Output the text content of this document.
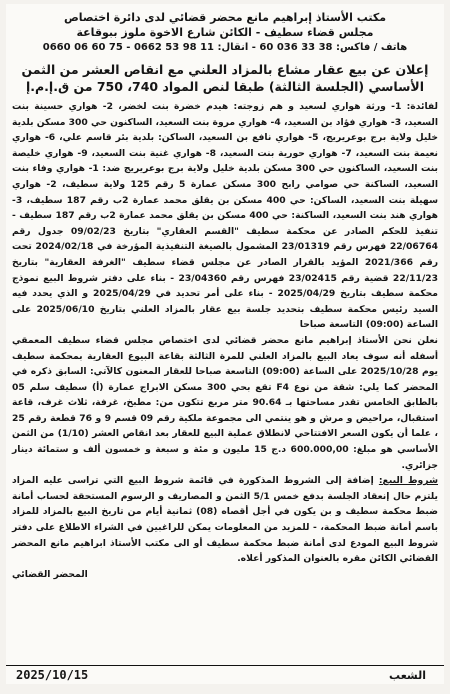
مكتب الأستاذ إبراهيم مانع محضر قضائي لدى دائرة اختصاص
مجلس قضاء سطيف - الكائن شارع الاخوة ملوز ببوقاعة
هاتف / فاكس: 38 33 036 60 - انقال: 11 98 53 0662 - 75 60 06 0660
إعلان عن بيع عقار مشاع بالمزاد العلني مع انقاص العشر من الثمن الأساسي (الجلسة الثالثة) طبقا لنص المواد 740، 750 من ق.إ.م.إ

لفائدة: 1- ورثة هواري لسعيد و هم زوجته: هيدم خضرة بنت لخضر، 2- هواري حسينة بنت السعيد، 3- هواري فؤاد بن السعيد، 4- هواري مروة بنت السعيد، الساكنون حي 300 مسكن بلدية خليل ولاية برج بوعريريج، 5- هواري نافع بن السعيد، الساكن: بلدية بئر قاسم علي، 6- هواري نعيمة بنت السعيد، 7- هواري حورية بنت السعيد، 8- هواري غنية بنت السعيد، 9- هواري خليصة بنت السعيد، الساكنون حي 300 مسكن بلدية خليل ولاية برج بوعريريج ضد: 1- هواري وفاء بنت السعيد، الساكنة حي صوامي رابح 300 مسكن عمارة 5 رقم 125 ولاية سطيف، 2- هواري سهيلة بنت السعيد، الساكن: حي 400 مسكن بن يقلق محمد عمارة 2ب رقم 187 سطيف، 3- هواري هند بنت السعيد، الساكنة: حي 400 مسكن بن يقلق محمد عمارة 2ب رقم 187 سطيف - تنفيذ للحكم الصادر عن محكمة سطيف "القسم العقاري" بتاريخ 09/02/23 جدول رقم 22/06764 فهرس رقم 23/01319 المشمول بالصيغة التنفيذية المؤرخة في 2024/02/18 تحت رقم 2021/366 المؤيد بالقرار الصادر عن مجلس قضاء سطيف "الغرفة العقارية" بتاريخ 22/11/23 قضية رقم 23/02415 فهرس رقم 23/04360 - بناء على دفتر شروط البيع نموذج محكمة سطيف بتاريخ 2025/04/29 - بناء على أمر تحديد في 2025/04/29 و الذي يحدد فيه السيد رئيس محكمة سطيف بتحديد جلسة بيع عقار بالمزاد العلني بتاريخ 2025/06/10 على الساعة (09:00) التاسعة صباحا

نعلن نحن الأستاذ إبراهيم مانع محضر قضائي لدى اختصاص مجلس قضاء سطيف المعمقي أسفله أنه سوف يعاد البيع بالمزاد العلني للمرة الثالثة بقاعة البيوع العقارية بمحكمة سطيف يوم 2025/10/28 على الساعة (09:00) التاسعة صباحا للعقار المعنون كالآتي: السابق ذكره في المحضر كما يلي: شقة من نوع F4 تقع بحي 300 مسكن الابراج عمارة (أ) سطيف سلم 05 بالطابق الخامس تقدر مساحتها بـ 90.64 متر مربع تتكون من: مطبخ، غرفة، ثلاث غرف، قاعة استقبال، مراحيض و مرش و هو ينتمي الى مجموعة ملكية رقم 09 قسم 9 و 76 قطعة رقم 25 ، علما أن يكون السعر الافتتاحي لانطلاق عملية البيع للعقار بعد انقاص العشر (1/10) من الثمن الأساسي هو مبلغ: 600.000,00 د.ج 15 مليون و مئة و سبعة و خمسون ألف و ستمائة دينار جزائري.

شروط البيع: إضافة إلى الشروط المذكورة في قائمة شروط البيع التي تراسى عليه المزاد يلتزم حال إنعقاد الجلسة بدفع خمس 5/1 الثمن و المصاريف و الرسوم المستحقة لحساب أمانة ضبط محكمة سطيف و بن يكون في أجل أقصاه (08) ثمانية أيام من تاريخ البيع بالمزاد للمزاد باسم أمانة ضبط المحكمة، - للمزيد من المعلومات يمكن للراغبين في الشراء الاطلاع على دفتر شروط البيع المودع لدى أمانة ضبط محكمة سطيف أو الى مكتب الأستاذ ابراهيم مانع المحضر القضائي الكائن مقره بالعنوان المذكور أعلاه.

المحضر القضائي
الشعب
2025/10/15
